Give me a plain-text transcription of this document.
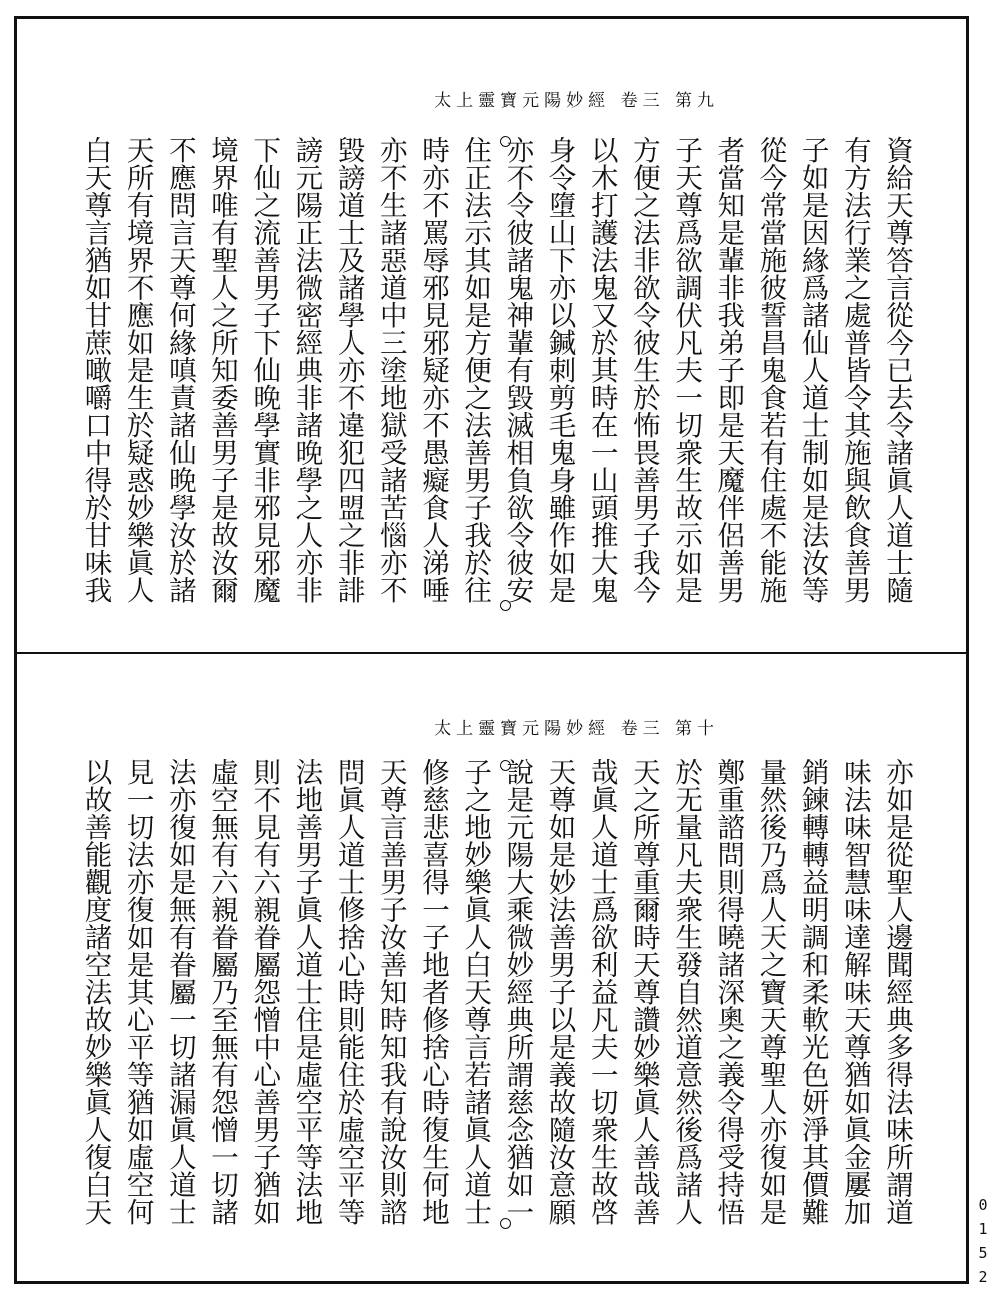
太上靈寶元陽妙經 卷三 第九
資給天尊答言從今已去令諸眞人道士隨
有方法行業之處普皆令其施與飲食善男
子如是因緣爲諸仙人道士制如是法汝等
從今常當施彼誓昌鬼食若有住處不能施
者當知是輩非我弟子即是天魔伴侶善男
子天尊爲欲調伏凡夫一切衆生故示如是
方便之法非欲令彼生於怖畏善男子我今
以木打護法鬼又於其時在一山頭推大鬼
身令墮山下亦以鍼刺剪毛鬼身雖作如是
亦不令彼諸鬼神輩有毀滅相負欲令彼安
住正法示其如是方便之法善男子我於往
時亦不罵辱邪見邪疑亦不愚癡食人涕唾
亦不生諸惡道中三塗地獄受諸苦惱亦不
毀謗道士及諸學人亦不違犯四盟之非誹
謗元陽正法微密經典非諸晚學之人亦非
下仙之流善男子下仙晚學實非邪見邪魔
境界唯有聖人之所知委善男子是故汝爾
不應問言天尊何緣嗔責諸仙晚學汝於諸
天所有境界不應如是生於疑惑妙樂眞人
白天尊言猶如甘蔗噉嚼口中得於甘味我
太上靈寶元陽妙經 卷三 第十
亦如是從聖人邊聞經典多得法味所謂道
味法味智慧味達解味天尊猶如眞金屢加
銷鍊轉轉益明調和柔軟光色妍淨其價難
量然後乃爲人天之寶天尊聖人亦復如是
鄭重諮問則得曉諸深奧之義令得受持悟
於无量凡夫衆生發自然道意然後爲諸人
天之所尊重爾時天尊讚妙樂眞人善哉善
哉眞人道士爲欲利益凡夫一切衆生故啓
天尊如是妙法善男子以是義故隨汝意願
說是元陽大乘微妙經典所謂慈念猶如一
子之地妙樂眞人白天尊言若諸眞人道士
修慈悲喜得一子地者修捨心時復生何地
天尊言善男子汝善知時知我有說汝則諮
問眞人道士修捨心時則能住於虛空平等
法地善男子眞人道士住是虛空平等法地
則不見有六親眷屬怨憎中心善男子猶如
虛空無有六親眷屬乃至無有怨憎一切諸
法亦復如是無有眷屬一切諸漏眞人道士
見一切法亦復如是其心平等猶如虛空何
以故善能觀度諸空法故妙樂眞人復白天
0152
